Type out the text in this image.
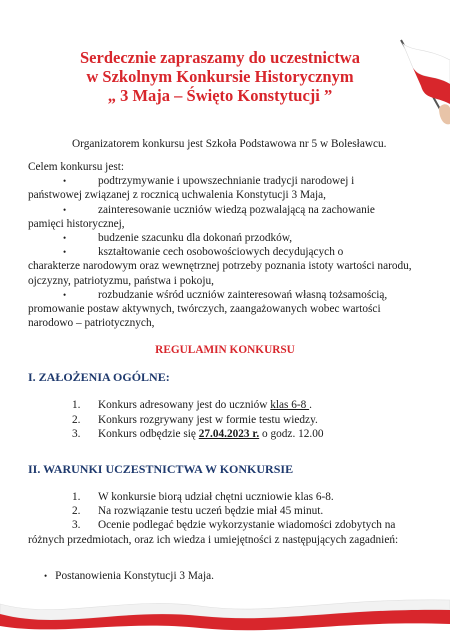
Serdecznie zapraszamy do uczestnictwa
w Szkolnym Konkursie Historycznym
„ 3 Maja – Święto Konstytucji ”
Organizatorem konkursu jest Szkoła Podstawowa nr 5 w Bolesławcu.
Celem konkursu jest:
•	podtrzymywanie i upowszechnianie tradycji narodowej i
państwowej związanej z rocznicą uchwalenia Konstytucji 3 Maja,
•	zainteresowanie uczniów wiedzą pozwalającą na zachowanie
pamięci historycznej,
•	budzenie szacunku dla dokonań przodków,
•	kształtowanie cech osobowościowych decydujących o
charakterze narodowym oraz wewnętrznej potrzeby poznania istoty wartości narodu, ojczyzny, patriotyzmu, państwa i pokoju,
•	rozbudzanie wśród uczniów zainteresowań własną tożsamością,
promowanie postaw aktywnych, twórczych, zaangażowanych wobec wartości narodowo – patriotycznych,
REGULAMIN KONKURSU
I. ZAŁOŻENIA OGÓLNE:
1. Konkurs adresowany jest do uczniów klas 6-8 .
2. Konkurs rozgrywany jest w formie testu wiedzy.
3. Konkurs odbędzie się 27.04.2023 r. o godz. 12.00
II. WARUNKI UCZESTNICTWA W KONKURSIE
1. W konkursie biorą udział chętni uczniowie klas 6-8.
2. Na rozwiązanie testu uczeń będzie miał 45 minut.
3. Ocenie podlegać będzie wykorzystanie wiadomości zdobytych na różnych przedmiotach, oraz ich wiedza i umiejętności z następujących zagadnień:
• Postanowienia Konstytucji 3 Maja.
